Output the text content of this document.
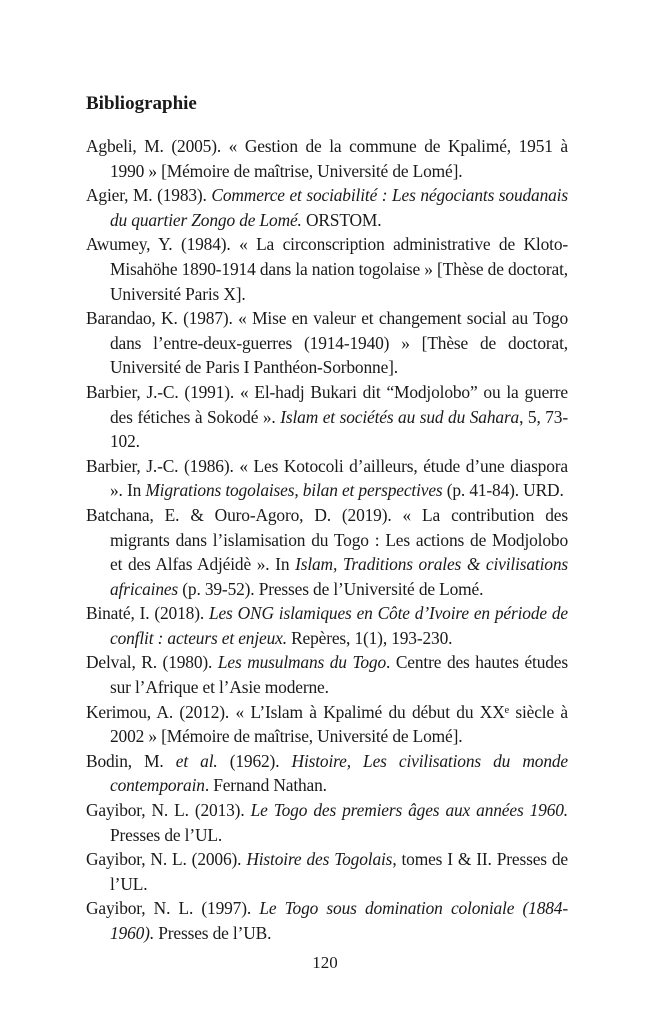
Bibliographie
Agbeli, M. (2005). « Gestion de la commune de Kpalimé, 1951 à 1990 » [Mémoire de maîtrise, Université de Lomé].
Agier, M. (1983). Commerce et sociabilité : Les négociants soudanais du quartier Zongo de Lomé. ORSTOM.
Awumey, Y. (1984). « La circonscription administrative de Kloto-Misahöhe 1890-1914 dans la nation togolaise » [Thèse de doctorat, Université Paris X].
Barandao, K. (1987). « Mise en valeur et changement social au Togo dans l’entre-deux-guerres (1914-1940) » [Thèse de doctorat, Université de Paris I Panthéon-Sorbonne].
Barbier, J.-C. (1991). « El-hadj Bukari dit “Modjolobo” ou la guerre des fétiches à Sokodé ». Islam et sociétés au sud du Sahara, 5, 73-102.
Barbier, J.-C. (1986). « Les Kotocoli d’ailleurs, étude d’une diaspora ». In Migrations togolaises, bilan et perspectives (p. 41-84). URD.
Batchana, E. & Ouro-Agoro, D. (2019). « La contribution des migrants dans l’islamisation du Togo : Les actions de Modjolobo et des Alfas Adjéidè ». In Islam, Traditions orales & civilisations africaines (p. 39-52). Presses de l’Université de Lomé.
Binaté, I. (2018). Les ONG islamiques en Côte d’Ivoire en période de conflit : acteurs et enjeux. Repères, 1(1), 193-230.
Delval, R. (1980). Les musulmans du Togo. Centre des hautes études sur l’Afrique et l’Asie moderne.
Kerimou, A. (2012). « L’Islam à Kpalimé du début du XXᵉ siècle à 2002 » [Mémoire de maîtrise, Université de Lomé].
Bodin, M. et al. (1962). Histoire, Les civilisations du monde contemporain. Fernand Nathan.
Gayibor, N. L. (2013). Le Togo des premiers âges aux années 1960. Presses de l’UL.
Gayibor, N. L. (2006). Histoire des Togolais, tomes I & II. Presses de l’UL.
Gayibor, N. L. (1997). Le Togo sous domination coloniale (1884-1960). Presses de l’UB.
120
